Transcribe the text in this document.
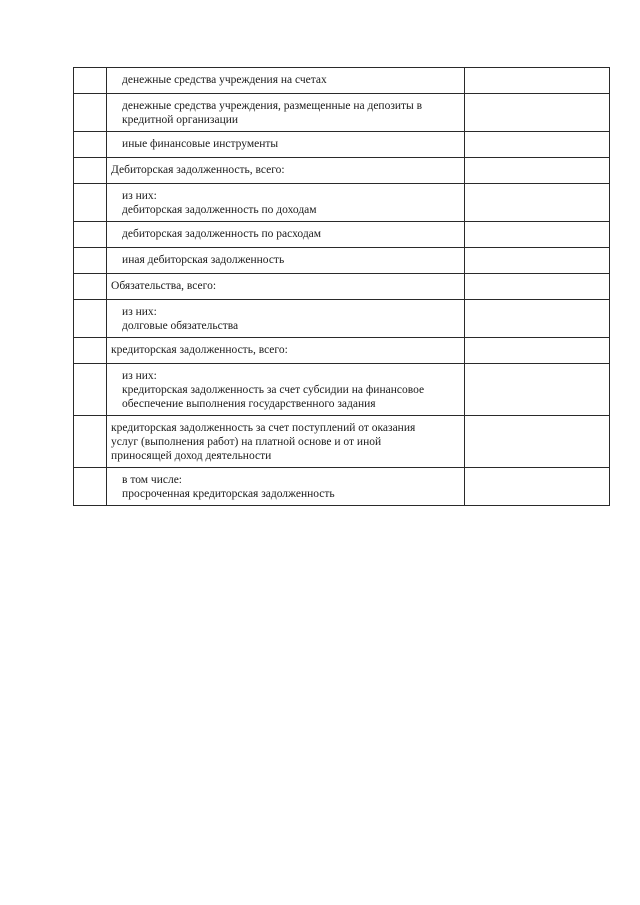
	денежные средства учреждения на счетах	

	денежные средства учреждения, размещенные на депозиты в
кредитной организации	

	иные финансовые инструменты	

	Дебиторская задолженность, всего:	

	из них:
дебиторская задолженность по доходам	

	дебиторская задолженность по расходам	

	иная дебиторская задолженность	

	Обязательства, всего:	

	из них:
долговые обязательства	

	кредиторская задолженность, всего:	

	из них:
кредиторская задолженность за счет субсидии на финансовое
обеспечение выполнения государственного задания	

	кредиторская задолженность за счет поступлений от оказания
услуг (выполнения работ) на платной основе и от иной
приносящей доход деятельности	

	в том числе:
просроченная кредиторская задолженность	
